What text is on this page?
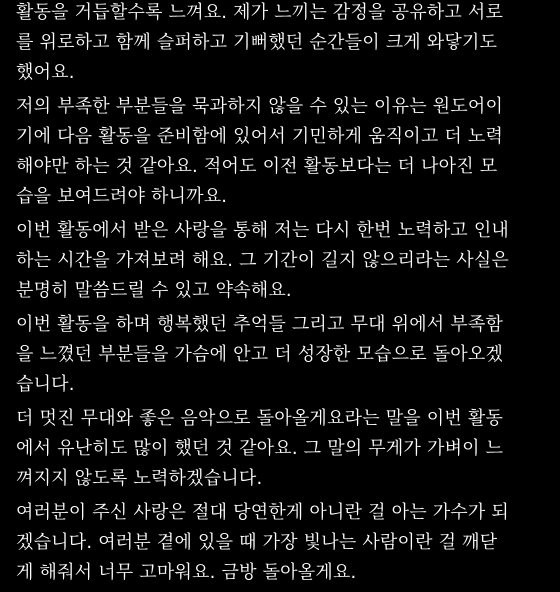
활동을 거듭할수록 느껴요. 제가 느끼는 감정을 공유하고 서로
를 위로하고 함께 슬퍼하고 기뻐했던 순간들이 크게 와닿기도
했어요.
저의 부족한 부분들을 묵과하지 않을 수 있는 이유는 원도어이
기에 다음 활동을 준비함에 있어서 기민하게 움직이고 더 노력
해야만 하는 것 같아요. 적어도 이전 활동보다는 더 나아진 모
습을 보여드려야 하니까요.
이번 활동에서 받은 사랑을 통해 저는 다시 한번 노력하고 인내
하는 시간을 가져보려 해요. 그 기간이 길지 않으리라는 사실은
분명히 말씀드릴 수 있고 약속해요.
이번 활동을 하며 행복했던 추억들 그리고 무대 위에서 부족함
을 느꼈던 부분들을 가슴에 안고 더 성장한 모습으로 돌아오겠
습니다.
더 멋진 무대와 좋은 음악으로 돌아올게요라는 말을 이번 활동
에서 유난히도 많이 했던 것 같아요. 그 말의 무게가 가벼이 느
껴지지 않도록 노력하겠습니다.
여러분이 주신 사랑은 절대 당연한게 아니란 걸 아는 가수가 되
겠습니다. 여러분 곁에 있을 때 가장 빛나는 사람이란 걸 깨닫
게 해줘서 너무 고마워요. 금방 돌아올게요.
